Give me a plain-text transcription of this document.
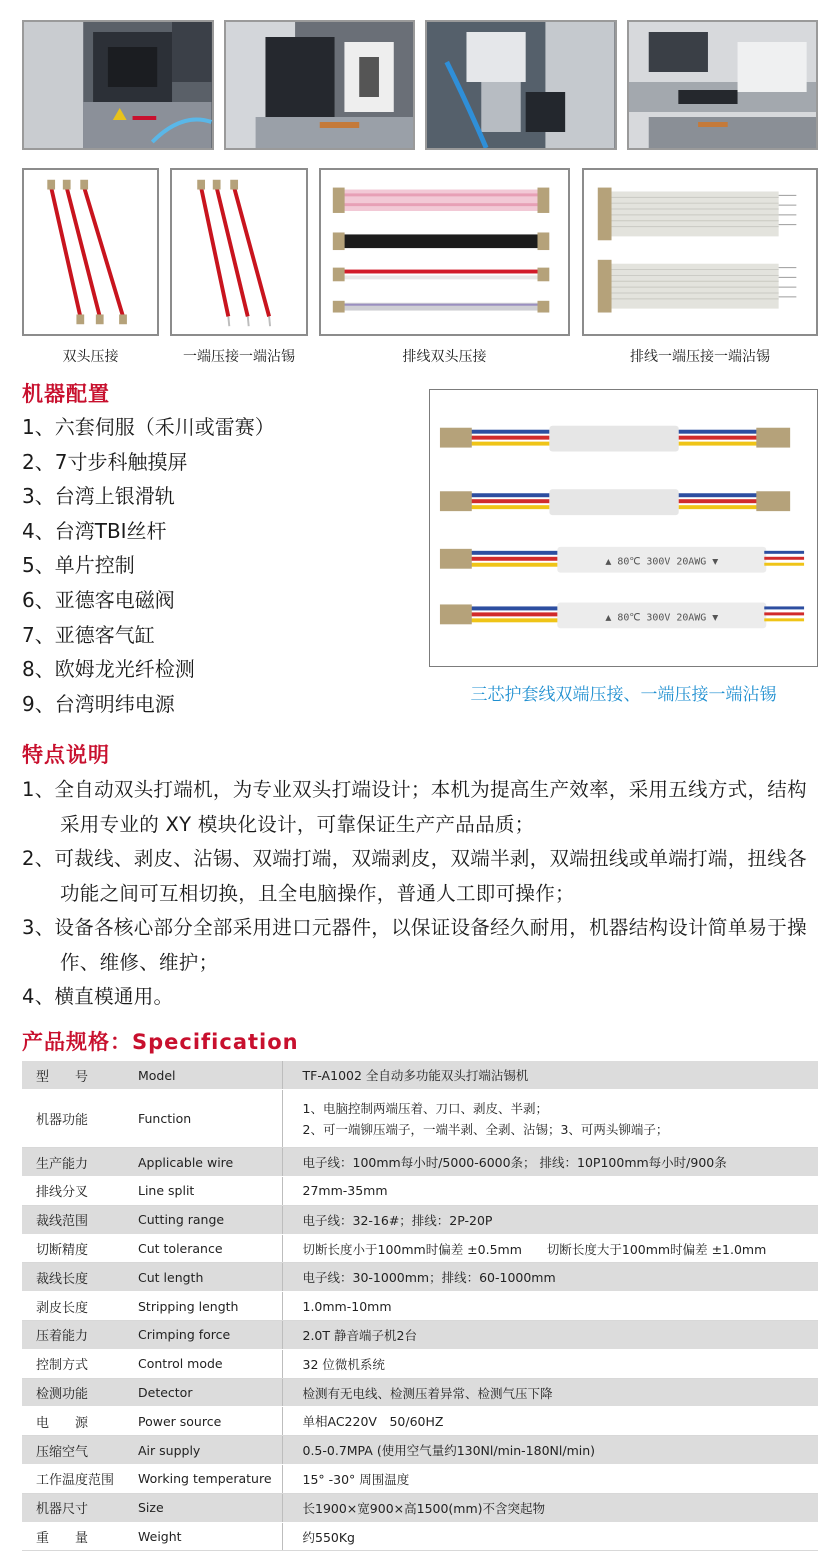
双头压接	一端压接一端沾锡	排线双头压接	排线一端压接一端沾锡
机器配置
1、六套伺服（禾川或雷赛）
2、7寸步科触摸屏
3、台湾上银滑轨
4、台湾TBI丝杆
5、单片控制
6、亚德客电磁阀
7、亚德客气缸
8、欧姆龙光纤检测
9、台湾明纬电源
▲ 80℃ 300V 20AWG ▼
▲ 80℃ 300V 20AWG ▼
三芯护套线双端压接、一端压接一端沾锡
特点说明
1、全自动双头打端机，为专业双头打端设计；本机为提高生产效率，采用五线方式，结构采用专业的 XY 模块化设计，可靠保证生产产品品质；
2、可裁线、剥皮、沾锡、双端打端，双端剥皮，双端半剥，双端扭线或单端打端，扭线各功能之间可互相切换，且全电脑操作，普通人工即可操作；
3、设备各核心部分全部采用进口元器件，以保证设备经久耐用，机器结构设计简单易于操作、维修、维护；
4、横直模通用。
产品规格：Specification
型　　号	Model	TF-A1002 全自动多功能双头打端沾锡机
机器功能	Function	1、电脑控制两端压着、刀口、剥皮、半剥；
2、可一端铆压端子，一端半剥、全剥、沾锡；3、可两头铆端子；

生产能力	Applicable wire	电子线：100mm每小时/5000-6000条； 排线：10P100mm每小时/900条
排线分叉	Line split	27mm-35mm
裁线范围	Cutting range	电子线：32-16#；排线：2P-20P
切断精度	Cut tolerance	切断长度小于100mm时偏差 ±0.5mm　　切断长度大于100mm时偏差 ±1.0mm
裁线长度	Cut length	电子线：30-1000mm；排线：60-1000mm
剥皮长度	Stripping length	1.0mm-10mm
压着能力	Crimping force	2.0T 静音端子机2台
控制方式	Control mode	32 位微机系统
检测功能	Detector	检测有无电线、检测压着异常、检测气压下降
电　　源	Power source	单相AC220V　50/60HZ
压缩空气	Air supply	0.5-0.7MPA (使用空气量约130Nl/min-180Nl/min)
工作温度范围	Working temperature	15° -30° 周围温度
机器尺寸	Size	长1900×宽900×高1500(mm)不含突起物
重　　量	Weight	约550Kg
